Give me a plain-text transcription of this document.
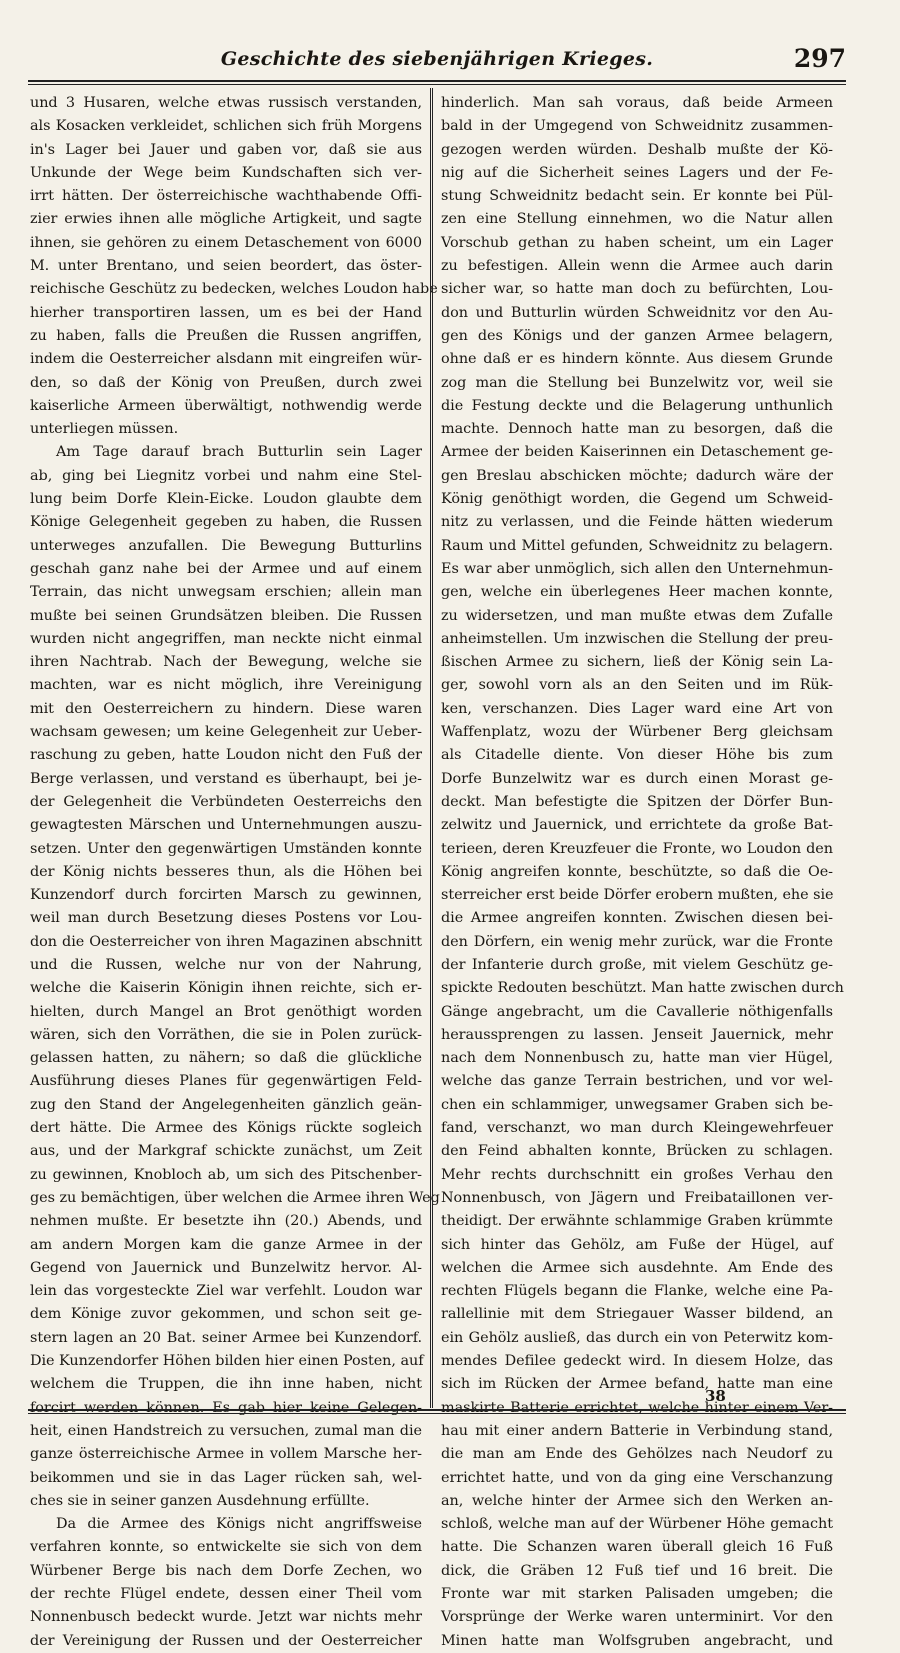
Geschichte des siebenjährigen Krieges.	297
und 3 Husaren, welche etwas russisch verstanden,
als Kosacken verkleidet, schlichen sich früh Morgens
in's Lager bei Jauer und gaben vor, daß sie aus
Unkunde der Wege beim Kundschaften sich ver-
irrt hätten. Der österreichische wachthabende Offi-
zier erwies ihnen alle mögliche Artigkeit, und sagte
ihnen, sie gehören zu einem Detaschement von 6000
M. unter Brentano, und seien beordert, das öster-
reichische Geschütz zu bedecken, welches Loudon habe
hierher transportiren lassen, um es bei der Hand
zu haben, falls die Preußen die Russen angriffen,
indem die Oesterreicher alsdann mit eingreifen wür-
den, so daß der König von Preußen, durch zwei
kaiserliche Armeen überwältigt, nothwendig werde
unterliegen müssen.
Am Tage darauf brach Butturlin sein Lager
ab, ging bei Liegnitz vorbei und nahm eine Stel-
lung beim Dorfe Klein-Eicke. Loudon glaubte dem
Könige Gelegenheit gegeben zu haben, die Russen
unterweges anzufallen. Die Bewegung Butturlins
geschah ganz nahe bei der Armee und auf einem
Terrain, das nicht unwegsam erschien; allein man
mußte bei seinen Grundsätzen bleiben. Die Russen
wurden nicht angegriffen, man neckte nicht einmal
ihren Nachtrab. Nach der Bewegung, welche sie
machten, war es nicht möglich, ihre Vereinigung
mit den Oesterreichern zu hindern. Diese waren
wachsam gewesen; um keine Gelegenheit zur Ueber-
raschung zu geben, hatte Loudon nicht den Fuß der
Berge verlassen, und verstand es überhaupt, bei je-
der Gelegenheit die Verbündeten Oesterreichs den
gewagtesten Märschen und Unternehmungen auszu-
setzen. Unter den gegenwärtigen Umständen konnte
der König nichts besseres thun, als die Höhen bei
Kunzendorf durch forcirten Marsch zu gewinnen,
weil man durch Besetzung dieses Postens vor Lou-
don die Oesterreicher von ihren Magazinen abschnitt
und die Russen, welche nur von der Nahrung,
welche die Kaiserin Königin ihnen reichte, sich er-
hielten, durch Mangel an Brot genöthigt worden
wären, sich den Vorräthen, die sie in Polen zurück-
gelassen hatten, zu nähern; so daß die glückliche
Ausführung dieses Planes für gegenwärtigen Feld-
zug den Stand der Angelegenheiten gänzlich geän-
dert hätte. Die Armee des Königs rückte sogleich
aus, und der Markgraf schickte zunächst, um Zeit
zu gewinnen, Knobloch ab, um sich des Pitschenber-
ges zu bemächtigen, über welchen die Armee ihren Weg
nehmen mußte. Er besetzte ihn (20.) Abends, und
am andern Morgen kam die ganze Armee in der
Gegend von Jauernick und Bunzelwitz hervor. Al-
lein das vorgesteckte Ziel war verfehlt. Loudon war
dem Könige zuvor gekommen, und schon seit ge-
stern lagen an 20 Bat. seiner Armee bei Kunzendorf.
Die Kunzendorfer Höhen bilden hier einen Posten, auf
welchem die Truppen, die ihn inne haben, nicht
forcirt werden können. Es gab hier keine Gelegen-
heit, einen Handstreich zu versuchen, zumal man die
ganze österreichische Armee in vollem Marsche her-
beikommen und sie in das Lager rücken sah, wel-
ches sie in seiner ganzen Ausdehnung erfüllte.
Da die Armee des Königs nicht angriffsweise
verfahren konnte, so entwickelte sie sich von dem
Würbener Berge bis nach dem Dorfe Zechen, wo
der rechte Flügel endete, dessen einer Theil vom
Nonnenbusch bedeckt wurde. Jetzt war nichts mehr
der Vereinigung der Russen und der Oesterreicher
hinderlich. Man sah voraus, daß beide Armeen
bald in der Umgegend von Schweidnitz zusammen-
gezogen werden würden. Deshalb mußte der Kö-
nig auf die Sicherheit seines Lagers und der Fe-
stung Schweidnitz bedacht sein. Er konnte bei Pül-
zen eine Stellung einnehmen, wo die Natur allen
Vorschub gethan zu haben scheint, um ein Lager
zu befestigen. Allein wenn die Armee auch darin
sicher war, so hatte man doch zu befürchten, Lou-
don und Butturlin würden Schweidnitz vor den Au-
gen des Königs und der ganzen Armee belagern,
ohne daß er es hindern könnte. Aus diesem Grunde
zog man die Stellung bei Bunzelwitz vor, weil sie
die Festung deckte und die Belagerung unthunlich
machte. Dennoch hatte man zu besorgen, daß die
Armee der beiden Kaiserinnen ein Detaschement ge-
gen Breslau abschicken möchte; dadurch wäre der
König genöthigt worden, die Gegend um Schweid-
nitz zu verlassen, und die Feinde hätten wiederum
Raum und Mittel gefunden, Schweidnitz zu belagern.
Es war aber unmöglich, sich allen den Unternehmun-
gen, welche ein überlegenes Heer machen konnte,
zu widersetzen, und man mußte etwas dem Zufalle
anheimstellen. Um inzwischen die Stellung der preu-
ßischen Armee zu sichern, ließ der König sein La-
ger, sowohl vorn als an den Seiten und im Rük-
ken, verschanzen. Dies Lager ward eine Art von
Waffenplatz, wozu der Würbener Berg gleichsam
als Citadelle diente. Von dieser Höhe bis zum
Dorfe Bunzelwitz war es durch einen Morast ge-
deckt. Man befestigte die Spitzen der Dörfer Bun-
zelwitz und Jauernick, und errichtete da große Bat-
terieen, deren Kreuzfeuer die Fronte, wo Loudon den
König angreifen konnte, beschützte, so daß die Oe-
sterreicher erst beide Dörfer erobern mußten, ehe sie
die Armee angreifen konnten. Zwischen diesen bei-
den Dörfern, ein wenig mehr zurück, war die Fronte
der Infanterie durch große, mit vielem Geschütz ge-
spickte Redouten beschützt. Man hatte zwischen durch
Gänge angebracht, um die Cavallerie nöthigenfalls
heraussprengen zu lassen. Jenseit Jauernick, mehr
nach dem Nonnenbusch zu, hatte man vier Hügel,
welche das ganze Terrain bestrichen, und vor wel-
chen ein schlammiger, unwegsamer Graben sich be-
fand, verschanzt, wo man durch Kleingewehrfeuer
den Feind abhalten konnte, Brücken zu schlagen.
Mehr rechts durchschnitt ein großes Verhau den
Nonnenbusch, von Jägern und Freibataillonen ver-
theidigt. Der erwähnte schlammige Graben krümmte
sich hinter das Gehölz, am Fuße der Hügel, auf
welchen die Armee sich ausdehnte. Am Ende des
rechten Flügels begann die Flanke, welche eine Pa-
rallellinie mit dem Striegauer Wasser bildend, an
ein Gehölz ausließ, das durch ein von Peterwitz kom-
mendes Defilee gedeckt wird. In diesem Holze, das
sich im Rücken der Armee befand, hatte man eine
maskirte Batterie errichtet, welche hinter einem Ver-
hau mit einer andern Batterie in Verbindung stand,
die man am Ende des Gehölzes nach Neudorf zu
errichtet hatte, und von da ging eine Verschanzung
an, welche hinter der Armee sich den Werken an-
schloß, welche man auf der Würbener Höhe gemacht
hatte. Die Schanzen waren überall gleich 16 Fuß
dick, die Gräben 12 Fuß tief und 16 breit. Die
Fronte war mit starken Palisaden umgeben; die
Vorsprünge der Werke waren unterminirt. Vor den
Minen hatte man Wolfsgruben angebracht, und
38
